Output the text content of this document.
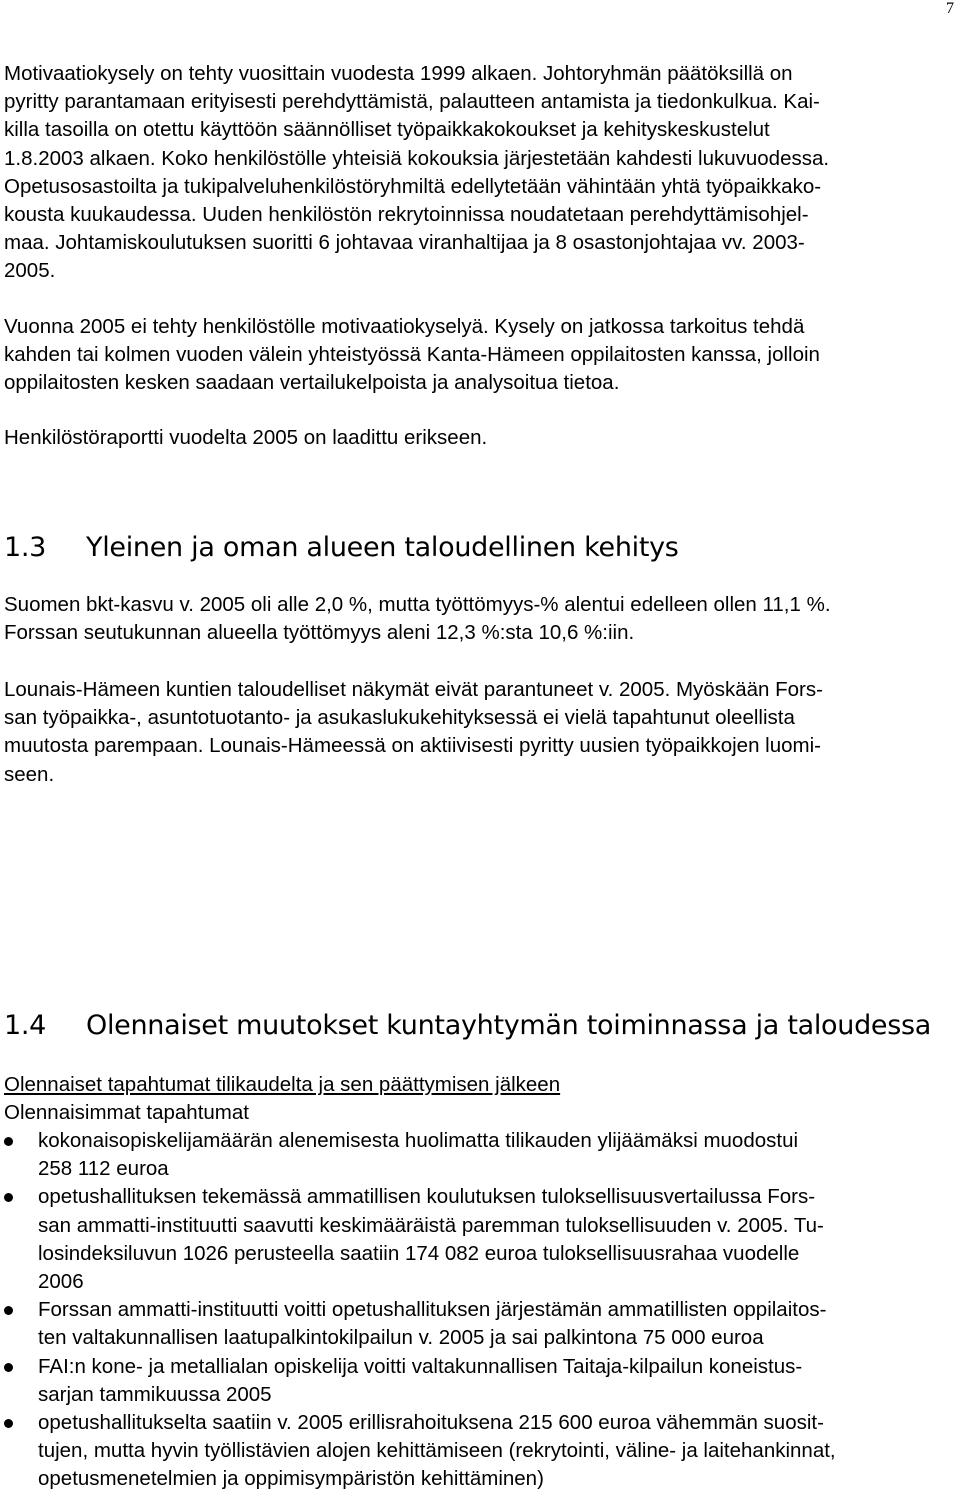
7
Motivaatiokysely on tehty vuosittain vuodesta 1999 alkaen. Johtoryhmän päätöksillä on
pyritty parantamaan erityisesti perehdyttämistä, palautteen antamista ja tiedonkulkua. Kai-
killa tasoilla on otettu käyttöön säännölliset työpaikkakokoukset ja kehityskeskustelut
1.8.2003 alkaen. Koko henkilöstölle yhteisiä kokouksia järjestetään kahdesti lukuvuodessa.
Opetusosastoilta ja tukipalveluhenkilöstöryhmiltä edellytetään vähintään yhtä työpaikkako-
kousta kuukaudessa. Uuden henkilöstön rekrytoinnissa noudatetaan perehdyttämisohjel-
maa. Johtamiskoulutuksen suoritti 6 johtavaa viranhaltijaa ja 8 osastonjohtajaa vv. 2003-
2005.
Vuonna 2005 ei tehty henkilöstölle motivaatiokyselyä. Kysely on jatkossa tarkoitus tehdä
kahden tai kolmen vuoden välein yhteistyössä Kanta-Hämeen oppilaitosten kanssa, jolloin
oppilaitosten kesken saadaan vertailukelpoista ja analysoitua tietoa.
Henkilöstöraportti vuodelta 2005 on laadittu erikseen.
1.3 Yleinen ja oman alueen taloudellinen kehitys
Suomen bkt-kasvu v. 2005 oli alle 2,0 %, mutta työttömyys-% alentui edelleen ollen 11,1 %.
Forssan seutukunnan alueella työttömyys aleni 12,3 %:sta 10,6 %:iin.
Lounais-Hämeen kuntien taloudelliset näkymät eivät parantuneet v. 2005. Myöskään Fors-
san työpaikka-, asuntotuotanto- ja asukaslukukehityksessä ei vielä tapahtunut oleellista
muutosta parempaan. Lounais-Hämeessä on aktiivisesti pyritty uusien työpaikkojen luomi-
seen.
1.4 Olennaiset muutokset kuntayhtymän toiminnassa ja taloudessa
Olennaiset tapahtumat tilikaudelta ja sen päättymisen jälkeen
Olennaisimmat tapahtumat
kokonaisopiskelijamäärän alenemisesta huolimatta tilikauden ylijäämäksi muodostui
258 112 euroa
opetushallituksen tekemässä ammatillisen koulutuksen tuloksellisuusvertailussa Fors-
san ammatti-instituutti saavutti keskimääräistä paremman tuloksellisuuden v. 2005. Tu-
losindeksiluvun 1026 perusteella saatiin 174 082 euroa tuloksellisuusrahaa vuodelle
2006
Forssan ammatti-instituutti voitti opetushallituksen järjestämän ammatillisten oppilaitos-
ten valtakunnallisen laatupalkintokilpailun v. 2005 ja sai palkintona 75 000 euroa
FAI:n kone- ja metallialan opiskelija voitti valtakunnallisen Taitaja-kilpailun koneistus-
sarjan tammikuussa 2005
opetushallitukselta saatiin v. 2005 erillisrahoituksena 215 600 euroa vähemmän suosit-
tujen, mutta hyvin työllistävien alojen kehittämiseen (rekrytointi, väline- ja laitehankinnat,
opetusmenetelmien ja oppimisympäristön kehittäminen)
